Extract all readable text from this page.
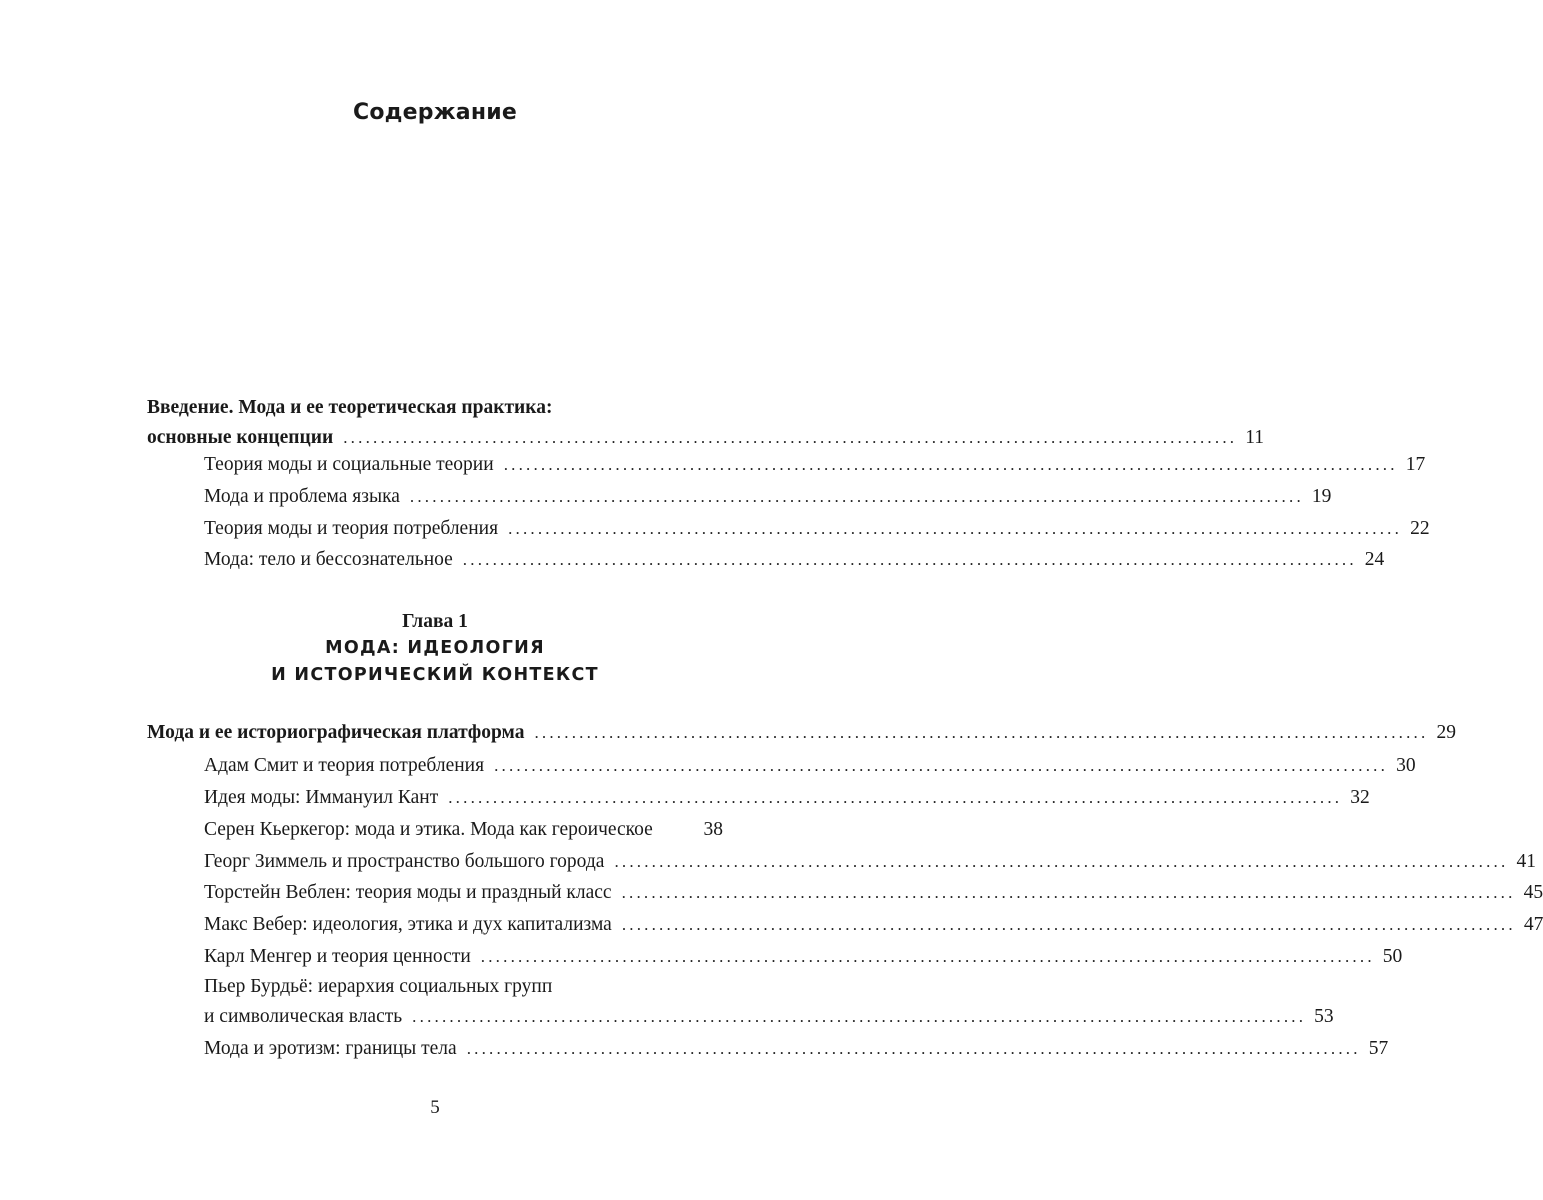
Содержание
Введение. Мода и ее теоретическая практика:
основные концепции ........................................................................................................................ 11
Теория моды и социальные теории ........................................................................................................................ 17
Мода и проблема языка ........................................................................................................................ 19
Теория моды и теория потребления ........................................................................................................................ 22
Мода: тело и бессознательное ........................................................................................................................ 24
Глава 1
МОДА: ИДЕОЛОГИЯ
И ИСТОРИЧЕСКИЙ КОНТЕКСТ
Мода и ее историографическая платформа ........................................................................................................................ 29
Адам Смит и теория потребления ........................................................................................................................ 30
Идея моды: Иммануил Кант ........................................................................................................................ 32
Серен Кьеркегор: мода и этика. Мода как героическое	38
Георг Зиммель и пространство большого города ........................................................................................................................ 41
Торстейн Веблен: теория моды и праздный класс ........................................................................................................................ 45
Макс Вебер: идеология, этика и дух капитализма ........................................................................................................................ 47
Карл Менгер и теория ценности ........................................................................................................................ 50
Пьер Бурдьё: иерархия социальных групп
и символическая власть ........................................................................................................................ 53
Мода и эротизм: границы тела ........................................................................................................................ 57
5
